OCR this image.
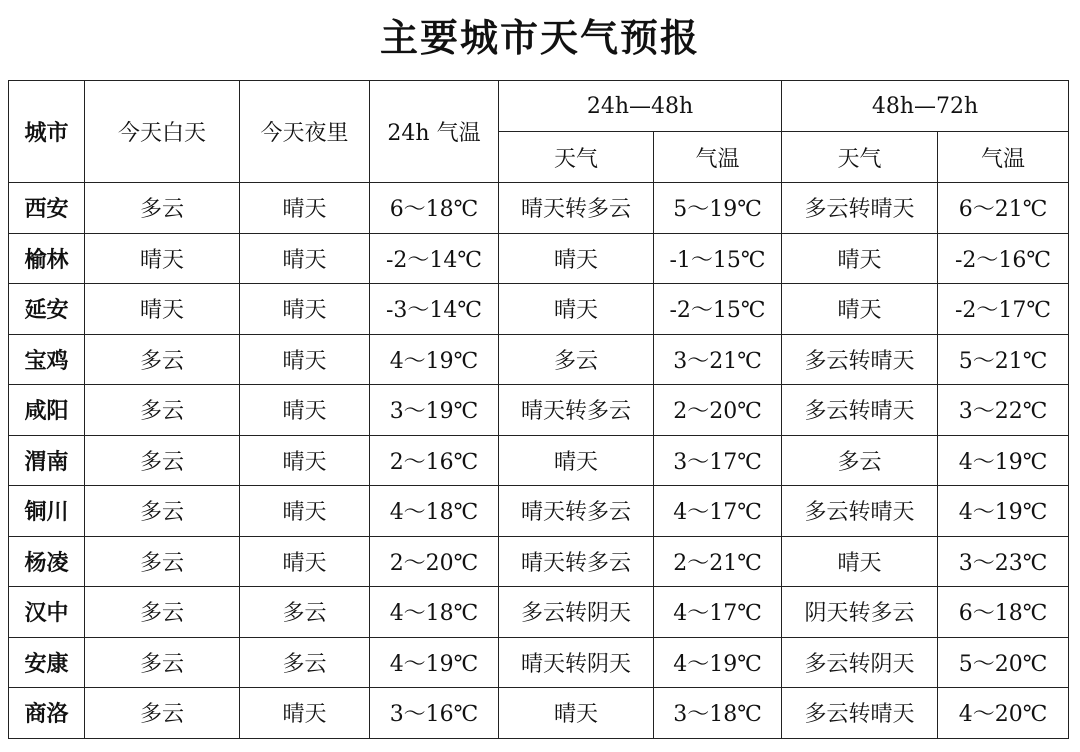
主要城市天气预报
城市	今天白天	今天夜里	24h 气温	24h—48h		48h—72h	
				天气	气温	天气	气温
西安	多云	晴天	6～18℃	晴天转多云	5～19℃	多云转晴天	6～21℃
榆林	晴天	晴天	-2～14℃	晴天	-1～15℃	晴天	-2～16℃
延安	晴天	晴天	-3～14℃	晴天	-2～15℃	晴天	-2～17℃
宝鸡	多云	晴天	4～19℃	多云	3～21℃	多云转晴天	5～21℃
咸阳	多云	晴天	3～19℃	晴天转多云	2～20℃	多云转晴天	3～22℃
渭南	多云	晴天	2～16℃	晴天	3～17℃	多云	4～19℃
铜川	多云	晴天	4～18℃	晴天转多云	4～17℃	多云转晴天	4～19℃
杨凌	多云	晴天	2～20℃	晴天转多云	2～21℃	晴天	3～23℃
汉中	多云	多云	4～18℃	多云转阴天	4～17℃	阴天转多云	6～18℃
安康	多云	多云	4～19℃	晴天转阴天	4～19℃	多云转阴天	5～20℃
商洛	多云	晴天	3～16℃	晴天	3～18℃	多云转晴天	4～20℃
